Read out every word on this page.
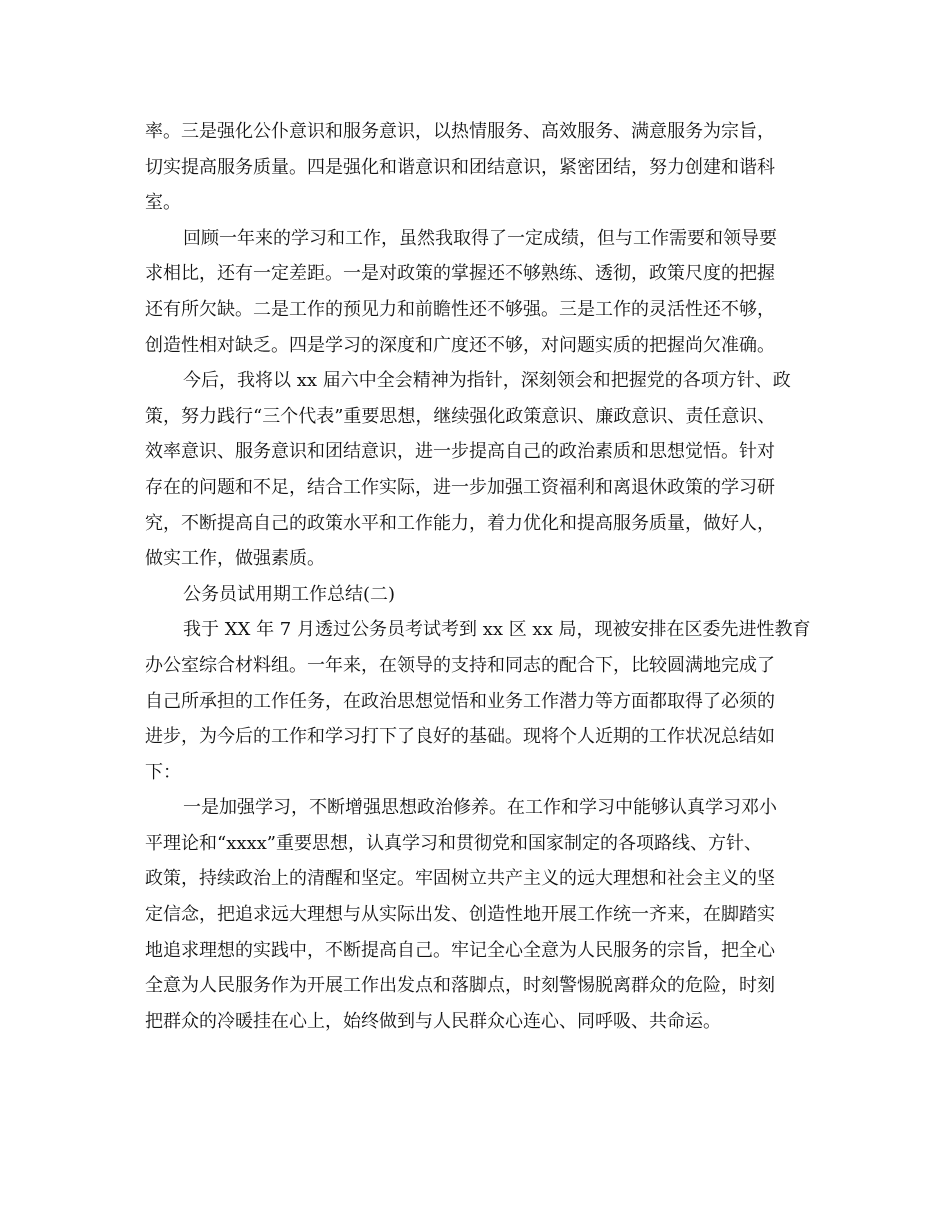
率。三是强化公仆意识和服务意识，以热情服务、高效服务、满意服务为宗旨，
切实提高服务质量。四是强化和谐意识和团结意识，紧密团结，努力创建和谐科
室。
回顾一年来的学习和工作，虽然我取得了一定成绩，但与工作需要和领导要
求相比，还有一定差距。一是对政策的掌握还不够熟练、透彻，政策尺度的把握
还有所欠缺。二是工作的预见力和前瞻性还不够强。三是工作的灵活性还不够，
创造性相对缺乏。四是学习的深度和广度还不够，对问题实质的把握尚欠准确。
今后，我将以 xx 届六中全会精神为指针，深刻领会和把握党的各项方针、政
策，努力践行“三个代表”重要思想，继续强化政策意识、廉政意识、责任意识、
效率意识、服务意识和团结意识，进一步提高自己的政治素质和思想觉悟。针对
存在的问题和不足，结合工作实际，进一步加强工资福利和离退休政策的学习研
究，不断提高自己的政策水平和工作能力，着力优化和提高服务质量，做好人，
做实工作，做强素质。
公务员试用期工作总结(二)
我于 XX 年 7 月透过公务员考试考到 xx 区 xx 局，现被安排在区委先进性教育
办公室综合材料组。一年来，在领导的支持和同志的配合下，比较圆满地完成了
自己所承担的工作任务，在政治思想觉悟和业务工作潜力等方面都取得了必须的
进步，为今后的工作和学习打下了良好的基础。现将个人近期的工作状况总结如
下：
一是加强学习，不断增强思想政治修养。在工作和学习中能够认真学习邓小
平理论和“xxxx”重要思想，认真学习和贯彻党和国家制定的各项路线、方针、
政策，持续政治上的清醒和坚定。牢固树立共产主义的远大理想和社会主义的坚
定信念，把追求远大理想与从实际出发、创造性地开展工作统一齐来，在脚踏实
地追求理想的实践中，不断提高自己。牢记全心全意为人民服务的宗旨，把全心
全意为人民服务作为开展工作出发点和落脚点，时刻警惕脱离群众的危险，时刻
把群众的冷暖挂在心上，始终做到与人民群众心连心、同呼吸、共命运。
